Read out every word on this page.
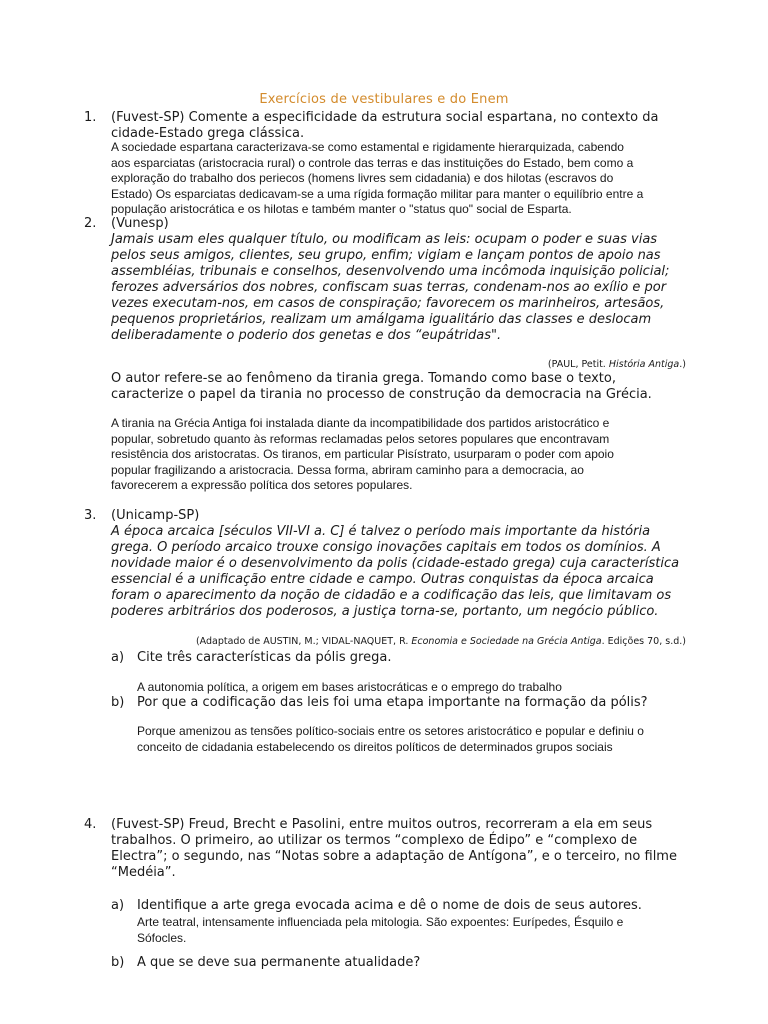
Exercícios de vestibulares e do Enem
1. (Fuvest-SP) Comente a especificidade da estrutura social espartana, no contexto da
cidade-Estado grega clássica.
A sociedade espartana caracterizava-se como estamental e rigidamente hierarquizada, cabendo
aos esparciatas (aristocracia rural) o controle das terras e das instituições do Estado, bem como a
exploração do trabalho dos periecos (homens livres sem cidadania) e dos hilotas (escravos do
Estado) Os esparciatas dedicavam-se a uma rígida formação militar para manter o equilíbrio entre a
população aristocrática e os hilotas e também manter o "status quo" social de Esparta.
2. (Vunesp)
Jamais usam eles qualquer título, ou modificam as leis: ocupam o poder e suas vias
pelos seus amigos, clientes, seu grupo, enfim; vigiam e lançam pontos de apoio nas
assembléias, tribunais e conselhos, desenvolvendo uma incômoda inquisição policial;
ferozes adversários dos nobres, confiscam suas terras, condenam-nos ao exílio e por
vezes executam-nos, em casos de conspiração; favorecem os marinheiros, artesãos,
pequenos proprietários, realizam um amálgama igualitário das classes e deslocam
deliberadamente o poderio dos genetas e dos “eupátridas".
(PAUL, Petit. História Antiga.)
O autor refere-se ao fenômeno da tirania grega. Tomando como base o texto,
caracterize o papel da tirania no processo de construção da democracia na Grécia.
A tirania na Grécia Antiga foi instalada diante da incompatibilidade dos partidos aristocrático e
popular, sobretudo quanto às reformas reclamadas pelos setores populares que encontravam
resistência dos aristocratas. Os tiranos, em particular Pisístrato, usurparam o poder com apoio
popular fragilizando a aristocracia. Dessa forma, abriram caminho para a democracia, ao
favorecerem a expressão política dos setores populares.
3. (Unicamp-SP)
A época arcaica [séculos VII-VI a. C] é talvez o período mais importante da história
grega. O período arcaico trouxe consigo inovações capitais em todos os domínios. A
novidade maior é o desenvolvimento da polis (cidade-estado grega) cuja característica
essencial é a unificação entre cidade e campo. Outras conquistas da época arcaica
foram o aparecimento da noção de cidadão e a codificação das leis, que limitavam os
poderes arbitrários dos poderosos, a justiça torna-se, portanto, um negócio público.
(Adaptado de AUSTIN, M.; VIDAL-NAQUET, R. Economia e Sociedade na Grécia Antiga. Edições 70, s.d.)
a) Cite três características da pólis grega.
A autonomia política, a origem em bases aristocráticas e o emprego do trabalho
b) Por que a codificação das leis foi uma etapa importante na formação da pólis?
Porque amenizou as tensões político-sociais entre os setores aristocrático e popular e definiu o
conceito de cidadania estabelecendo os direitos políticos de determinados grupos sociais
4. (Fuvest-SP) Freud, Brecht e Pasolini, entre muitos outros, recorreram a ela em seus
trabalhos. O primeiro, ao utilizar os termos “complexo de Édipo” e “complexo de
Electra”; o segundo, nas “Notas sobre a adaptação de Antígona”, e o terceiro, no filme
“Medéia”.
a) Identifique a arte grega evocada acima e dê o nome de dois de seus autores.
Arte teatral, intensamente influenciada pela mitologia. São expoentes: Eurípedes, Ésquilo e
Sófocles.
b) A que se deve sua permanente atualidade?
